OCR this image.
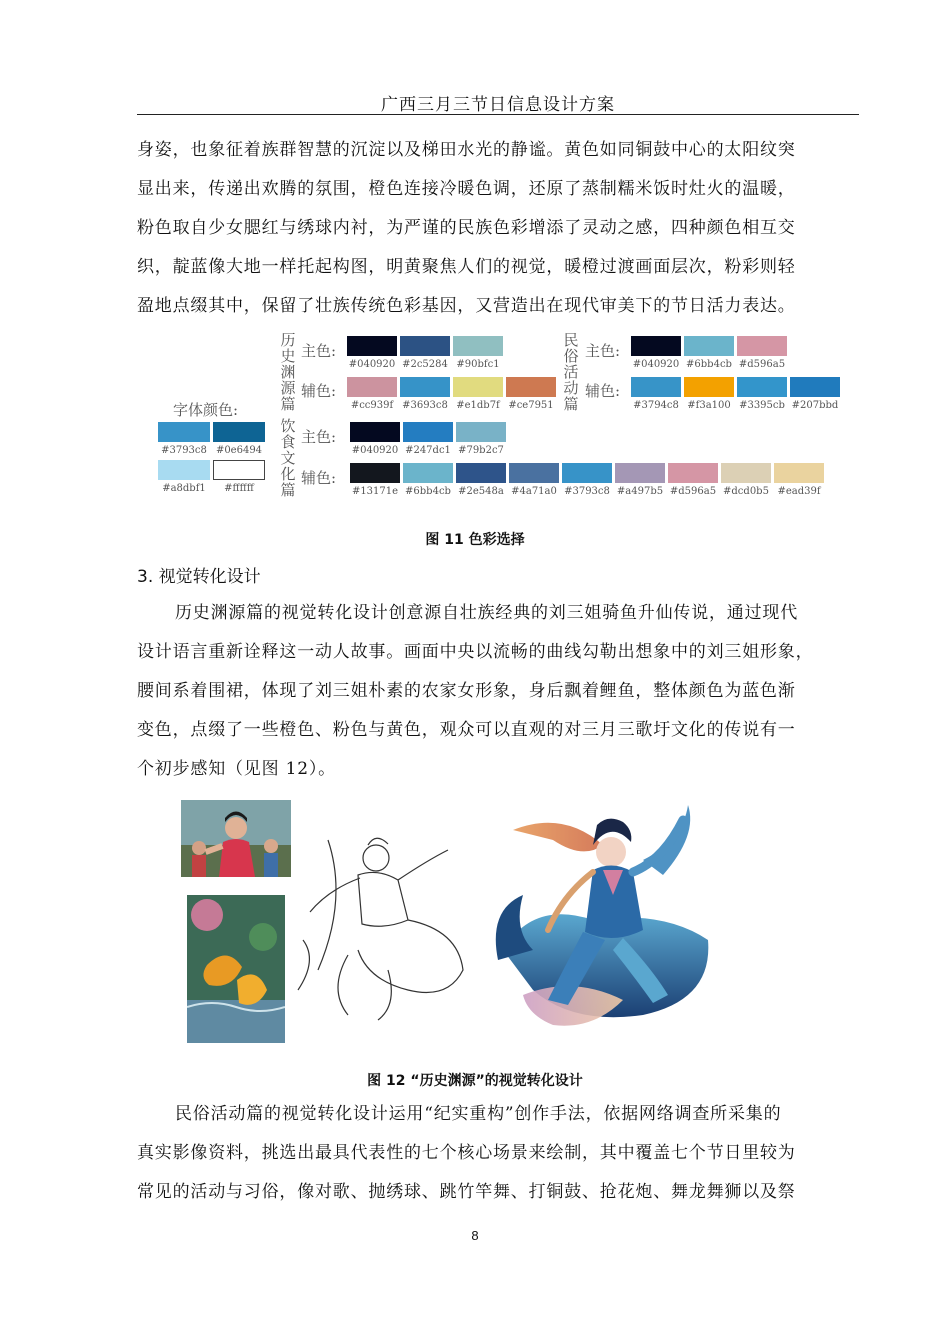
广西三月三节日信息设计方案
身姿，也象征着族群智慧的沉淀以及梯田水光的静谧。黄色如同铜鼓中心的太阳纹突
显出来，传递出欢腾的氛围，橙色连接冷暖色调，还原了蒸制糯米饭时灶火的温暖，
粉色取自少女腮红与绣球内衬，为严谨的民族色彩增添了灵动之感，四种颜色相互交
织，靛蓝像大地一样托起构图，明黄聚焦人们的视觉，暖橙过渡画面层次，粉彩则轻
盈地点缀其中，保留了壮族传统色彩基因，又营造出在现代审美下的节日活力表达。
字体颜色:
#3793c8 #0e6494
#a8dbf1	#ffffff
历史渊源篇
主色:
辅色:
#040920 #2c5284 #90bfc1
#cc939f #3693c8 #e1db7f #ce7951
民俗活动篇
主色:
辅色:
#040920 #6bb4cb #d596a5
#3794c8 #f3a100 #3395cb #207bbd
饮食文化篇
主色:
辅色:
#040920 #247dc1 #79b2c7
#13171e #6bb4cb #2e548a #4a71a0 #3793c8 #a497b5 #d596a5 #dcd0b5 #ead39f
图 11 色彩选择
3. 视觉转化设计
历史渊源篇的视觉转化设计创意源自壮族经典的刘三姐骑鱼升仙传说，通过现代
设计语言重新诠释这一动人故事。画面中央以流畅的曲线勾勒出想象中的刘三姐形象，
腰间系着围裙，体现了刘三姐朴素的农家女形象，身后飘着鲤鱼，整体颜色为蓝色渐
变色，点缀了一些橙色、粉色与黄色，观众可以直观的对三月三歌圩文化的传说有一
个初步感知（见图 12）。
图 12 “历史渊源”的视觉转化设计
民俗活动篇的视觉转化设计运用“纪实重构”创作手法，依据网络调查所采集的
真实影像资料，挑选出最具代表性的七个核心场景来绘制，其中覆盖七个节日里较为
常见的活动与习俗，像对歌、抛绣球、跳竹竿舞、打铜鼓、抢花炮、舞龙舞狮以及祭
8
